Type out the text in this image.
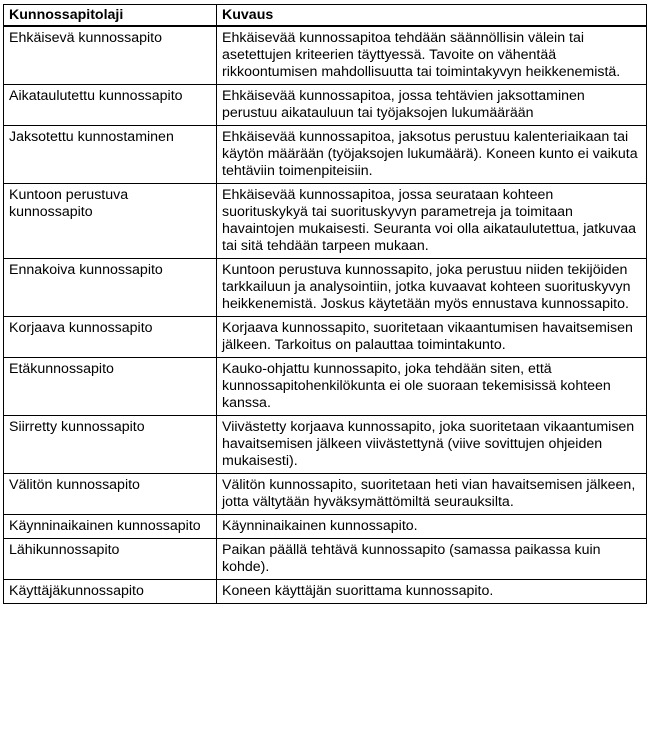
Kunnossapitolaji	Kuvaus
Ehkäisevä kunnossapito	Ehkäisevää kunnossapitoa tehdään säännöllisin välein tai asetettujen kriteerien täyttyessä. Tavoite on vähentää rikkoontumisen mahdollisuutta tai toimintakyvyn heikkenemistä.
Aikataulutettu kunnossapito	Ehkäisevää kunnossapitoa, jossa tehtävien jaksottaminen perustuu aikatauluun tai työjaksojen lukumäärään
Jaksotettu kunnostaminen	Ehkäisevää kunnossapitoa, jaksotus perustuu kalenteriaikaan tai käytön määrään (työjaksojen lukumäärä). Koneen kunto ei vaikuta tehtäviin toimenpiteisiin.
Kuntoon perustuva kunnossapito	Ehkäisevää kunnossapitoa, jossa seurataan kohteen suorituskykyä tai suorituskyvyn parametreja ja toimitaan havaintojen mukaisesti. Seuranta voi olla aikataulutettua, jatkuvaa tai sitä tehdään tarpeen mukaan.
Ennakoiva kunnossapito	Kuntoon perustuva kunnossapito, joka perustuu niiden tekijöiden tarkkailuun ja analysointiin, jotka kuvaavat kohteen suorituskyvyn heikkenemistä. Joskus käytetään myös ennustava kunnossapito.
Korjaava kunnossapito	Korjaava kunnossapito, suoritetaan vikaantumisen havaitsemisen jälkeen. Tarkoitus on palauttaa toimintakunto.
Etäkunnossapito	Kauko-ohjattu kunnossapito, joka tehdään siten, että kunnossapitohenkilökunta ei ole suoraan tekemisissä kohteen kanssa.
Siirretty kunnossapito	Viivästetty korjaava kunnossapito, joka suoritetaan vikaantumisen havaitsemisen jälkeen viivästettynä (viive sovittujen ohjeiden mukaisesti).
Välitön kunnossapito	Välitön kunnossapito, suoritetaan heti vian havaitsemisen jälkeen, jotta vältytään hyväksymättömiltä seurauksilta.
Käynninaikainen kunnossapito	Käynninaikainen kunnossapito.
Lähikunnossapito	Paikan päällä tehtävä kunnossapito (samassa paikassa kuin kohde).
Käyttäjäkunnossapito	Koneen käyttäjän suorittama kunnossapito.
